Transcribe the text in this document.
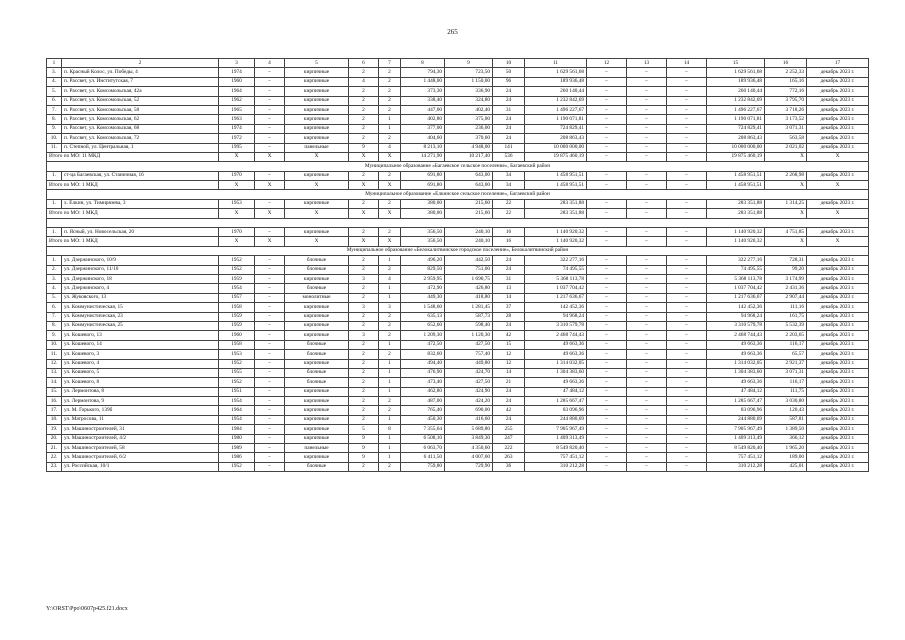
265
1	2	3	4	5	6	7	8	9	10	11	12	13	14	15	16	17
3.	п. Красный Колос, ул. Победы, 4	1974	–	кирпичные	2	2	794,30	723,50	50	1 629 561,68	–	–	–	1 629 561,68	2 252,33	декабрь 2023 г.
4.	п. Рассвет, ул. Институтская, 7	1960	–	кирпичные	4	2	1 448,00	1 150,00	96	189 936,48	–	–	–	189 936,48	165,16	декабрь 2023 г.
5.	п. Рассвет, ул. Комсомольская, 42а	1964	–	кирпичные	2	2	373,30	336,90	24	260 140,44	–	–	–	260 140,44	772,16	декабрь 2023 г.
6.	п. Рассвет, ул. Комсомольская, 52	1962	–	кирпичные	2	2	338,40	324,80	24	1 232 842,69	–	–	–	1 232 842,69	3 795,70	декабрь 2023 г.
7.	п. Рассвет, ул. Комсомольская, 58	1965	–	кирпичные	2	2	447,00	402,40	31	1 496 227,67	–	–	–	1 496 227,67	3 718,26	декабрь 2023 г.
8.	п. Рассвет, ул. Комсомольская, 62	1963	–	кирпичные	2	1	402,80	375,00	24	1 190 071,81	–	–	–	1 190 071,81	3 173,52	декабрь 2023 г.
9.	п. Рассвет, ул. Комсомольская, 68	1974	–	кирпичные	2	1	377,00	236,00	24	724 829,41	–	–	–	724 829,41	3 071,31	декабрь 2023 г.
10.	п. Рассвет, ул. Комсомольская, 72	1972	–	кирпичные	2	2	404,60	370,60	24	208 863,43	–	–	–	208 863,43	563,58	декабрь 2023 г.
11.	п. Степной, ул. Центральная, 1	1995	–	панельные	9	4	8 213,10	4 948,00	141	10 000 000,00	–	–	–	10 000 000,00	2 021,02	декабрь 2023 г.
Итого по МО: 11 МКД		X	X	X	X	X	14 271,90	10 217,40	536	19 875 460,19	–	–	–	19 875 460,19	X	X
Муниципальное образование «Багаевское сельское поселение», Багаевский район																
1.	ст-ца Багаевская, ул. Станичная, 16	1970	–	кирпичные	2	2	691,80	643,00	34	1 458 951,51	–	–	–	1 458 951,51	2 268,98	декабрь 2023 г.
Итого по МО: 1 МКД		X	X	X	X	X	691,80	643,00	34	1 458 951,51	–	–	–	1 458 951,51	X	X
Муниципальное образование «Елкинское сельское поселение», Багаевский район																
1.	х. Елкин, ул. Тимирязева, 3	1953	–	кирпичные	2	2	380,00	215,60	22	283 351,88	–	–	–	283 351,88	1 314,25	декабрь 2023 г.
Итого по МО: 1 МКД		X	X	X	X	X	380,00	215,60	22	283 351,88	–	–	–	283 351,88	X	X

1.	п. Ясный, ул. Новосельская, 20	1970	–	кирпичные	2	2	356,50	240,10	16	1 140 920,32	–	–	–	1 140 920,32	4 751,85	декабрь 2023 г.
Итого по МО: 1 МКД		X	X	X	X	X	356,50	240,10	16	1 140 920,32	–	–	–	1 140 920,32	X	X
Муниципальное образование «Белокалитвинское городское поселение», Белокалитвинский район																
1.	ул. Дзержинского, 10/9	1952	–	блочные	2	1	496,20	442,50	24	322 277,16	–	–	–	322 277,16	728,31	декабрь 2023 г.
2.	ул. Дзержинского, 11/10	1952	–	блочные	2	2	829,50	751,00	24	74 495,55	–	–	–	74 495,55	99,20	декабрь 2023 г.
3.	ул. Дзержинского, 18	1959	–	кирпичные	3	4	2 959,95	1 690,75	31	5 368 113,78	–	–	–	5 368 113,78	3 174,99	декабрь 2023 г.
4.	ул. Дзержинского, 4	1954	–	блочные	2	1	472,90	426,80	13	1 037 704,42	–	–	–	1 037 704,42	2 431,36	декабрь 2023 г.
5.	ул. Жуковского, 13	1957	–	монолитные	2	1	449,30	418,80	14	1 217 636,67	–	–	–	1 217 636,67	2 907,44	декабрь 2023 г.
6.	ул. Коммунистическая, 15	1958	–	кирпичные	3	3	1 548,60	1 281,45	37	142 452,36	–	–	–	142 452,36	111,16	декабрь 2023 г.
7.	ул. Коммунистическая, 23	1959	–	кирпичные	2	2	635,13	587,73	28	94 968,24	–	–	–	94 968,24	161,75	декабрь 2023 г.
8.	ул. Коммунистическая, 25	1959	–	кирпичные	2	2	652,60	598,40	24	3 310 579,78	–	–	–	3 310 579,78	5 532,39	декабрь 2023 г.
9.	ул. Кошевого, 13	1960	–	кирпичные	3	2	1 209,30	1 120,30	42	2 468 744,43	–	–	–	2 468 744,43	2 203,65	декабрь 2023 г.
10.	ул. Кошевого, 14	1958	–	блочные	2	1	472,50	427,50	15	49 663,36	–	–	–	49 663,36	116,17	декабрь 2023 г.
11.	ул. Кошевого, 3	1953	–	блочные	2	2	832,60	757,40	12	49 663,36	–	–	–	49 663,36	65,57	декабрь 2023 г.
12.	ул. Кошевого, 4	1952	–	кирпичные	2	1	494,40	449,80	12	1 314 032,05	–	–	–	1 314 032,05	2 921,37	декабрь 2023 г.
13.	ул. Кошевого, 5	1955	–	блочные	2	1	476,90	424,70	14	1 304 383,60	–	–	–	1 304 383,60	3 071,31	декабрь 2023 г.
14.	ул. Кошевого, 8	1952	–	блочные	2	1	473,40	427,50	21	49 663,36	–	–	–	49 663,36	116,17	декабрь 2023 г.
15.	ул. Лермонтова, 8	1951	–	кирпичные	2	1	462,80	424,90	24	47 484,12	–	–	–	47 484,12	111,75	декабрь 2023 г.
16.	ул. Лермонтова, 9	1954	–	кирпичные	2	2	487,00	424,20	24	1 285 667,47	–	–	–	1 285 667,47	3 030,80	декабрь 2023 г.
17.	ул. М. Горького, 139б	1964	–	кирпичные	2	2	765,40	690,00	42	83 096,96	–	–	–	83 096,96	120,43	декабрь 2023 г.
18.	ул. Матросова, 11	1954	–	кирпичные	2	1	450,30	416,60	24	244 880,69	–	–	–	244 880,69	587,81	декабрь 2023 г.
19.	ул. Машиностроителей, 31	1984	–	кирпичные	5	8	7 355,64	5 689,80	255	7 905 967,49	–	–	–	7 905 967,49	1 389,50	декабрь 2023 г.
20.	ул. Машиностроителей, 4/2	1980	–	кирпичные	9	1	6 508,10	3 849,30	247	1 409 313,49	–	–	–	1 409 313,49	366,12	декабрь 2023 г.
21.	ул. Машиностроителей, 58	1989	–	панельные	9	1	6 063,70	4 350,60	222	8 549 820,40	–	–	–	8 549 820,40	1 965,20	декабрь 2023 г.
22.	ул. Машиностроителей, 6/2	1986	–	кирпичные	9	1	6 411,50	4 007,60	263	757 451,12	–	–	–	757 451,12	189,00	декабрь 2023 г.
23.	ул. Российская, 10/1	1952	–	блочные	2	2	759,80	729,90	36	310 212,28	–	–	–	310 212,28	425,01	декабрь 2023 г.
Y:\ORST\Ppo\0607p425.f21.docx
